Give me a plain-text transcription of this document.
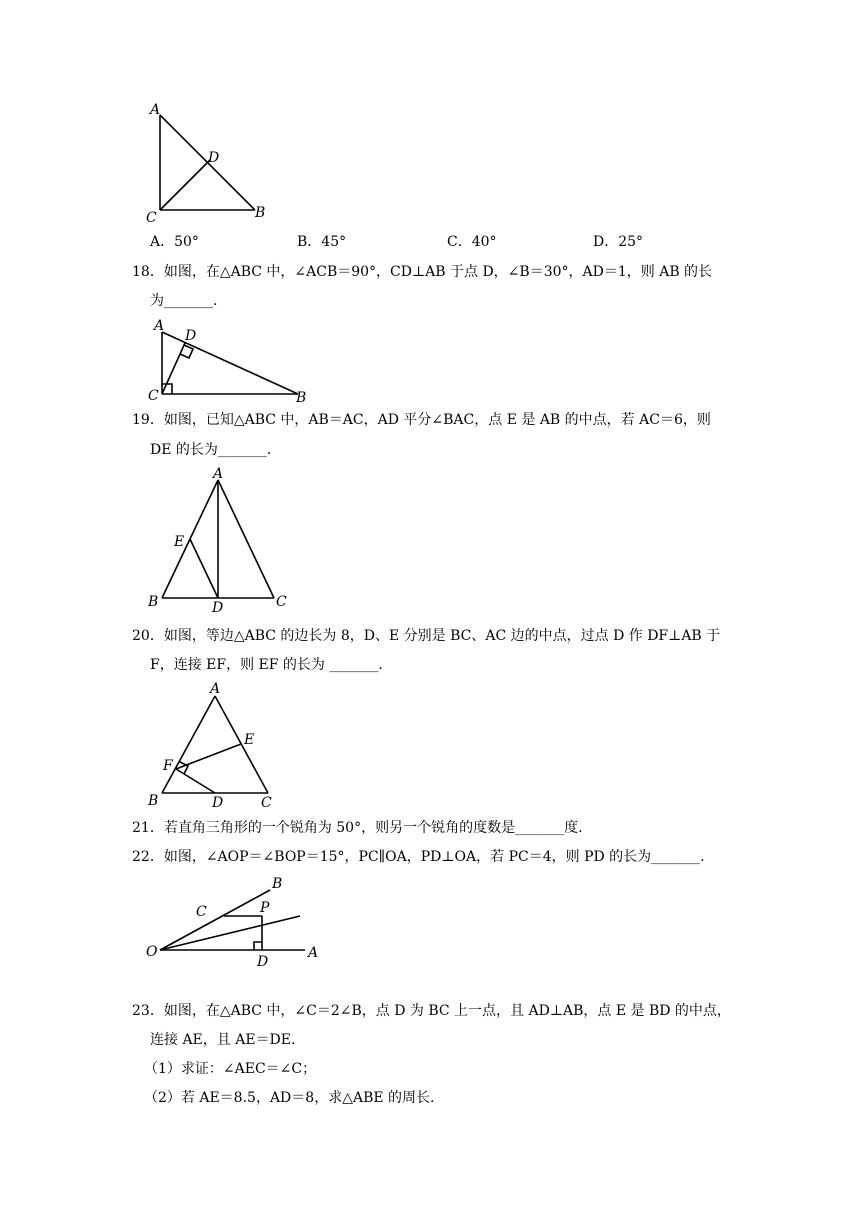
A
D
C	B
A．50°	B．45°	C．40°	D．25°
18．如图，在△ABC 中，∠ACB＝90°，CD⊥AB 于点 D，∠B＝30°，AD＝1，则 AB 的长
为_______.
A
D
C	B
19．如图，已知△ABC 中，AB＝AC，AD 平分∠BAC，点 E 是 AB 的中点，若 AC＝6，则
DE 的长为_______.
A
E
B	D	C
20．如图，等边△ABC 的边长为 8，D、E 分别是 BC、AC 边的中点，过点 D 作 DF⊥AB 于
F，连接 EF，则 EF 的长为 _______.
A
E
F
B	D	C
21．若直角三角形的一个锐角为 50°，则另一个锐角的度数是_______度.
22．如图，∠AOP＝∠BOP＝15°，PC∥OA，PD⊥OA，若 PC＝4，则 PD 的长为_______.
B
C	P
O
D
A
23．如图，在△ABC 中，∠C＝2∠B，点 D 为 BC 上一点，且 AD⊥AB，点 E 是 BD 的中点，
连接 AE，且 AE＝DE.
（1）求证：∠AEC＝∠C；
（2）若 AE＝8.5，AD＝8，求△ABE 的周长.
